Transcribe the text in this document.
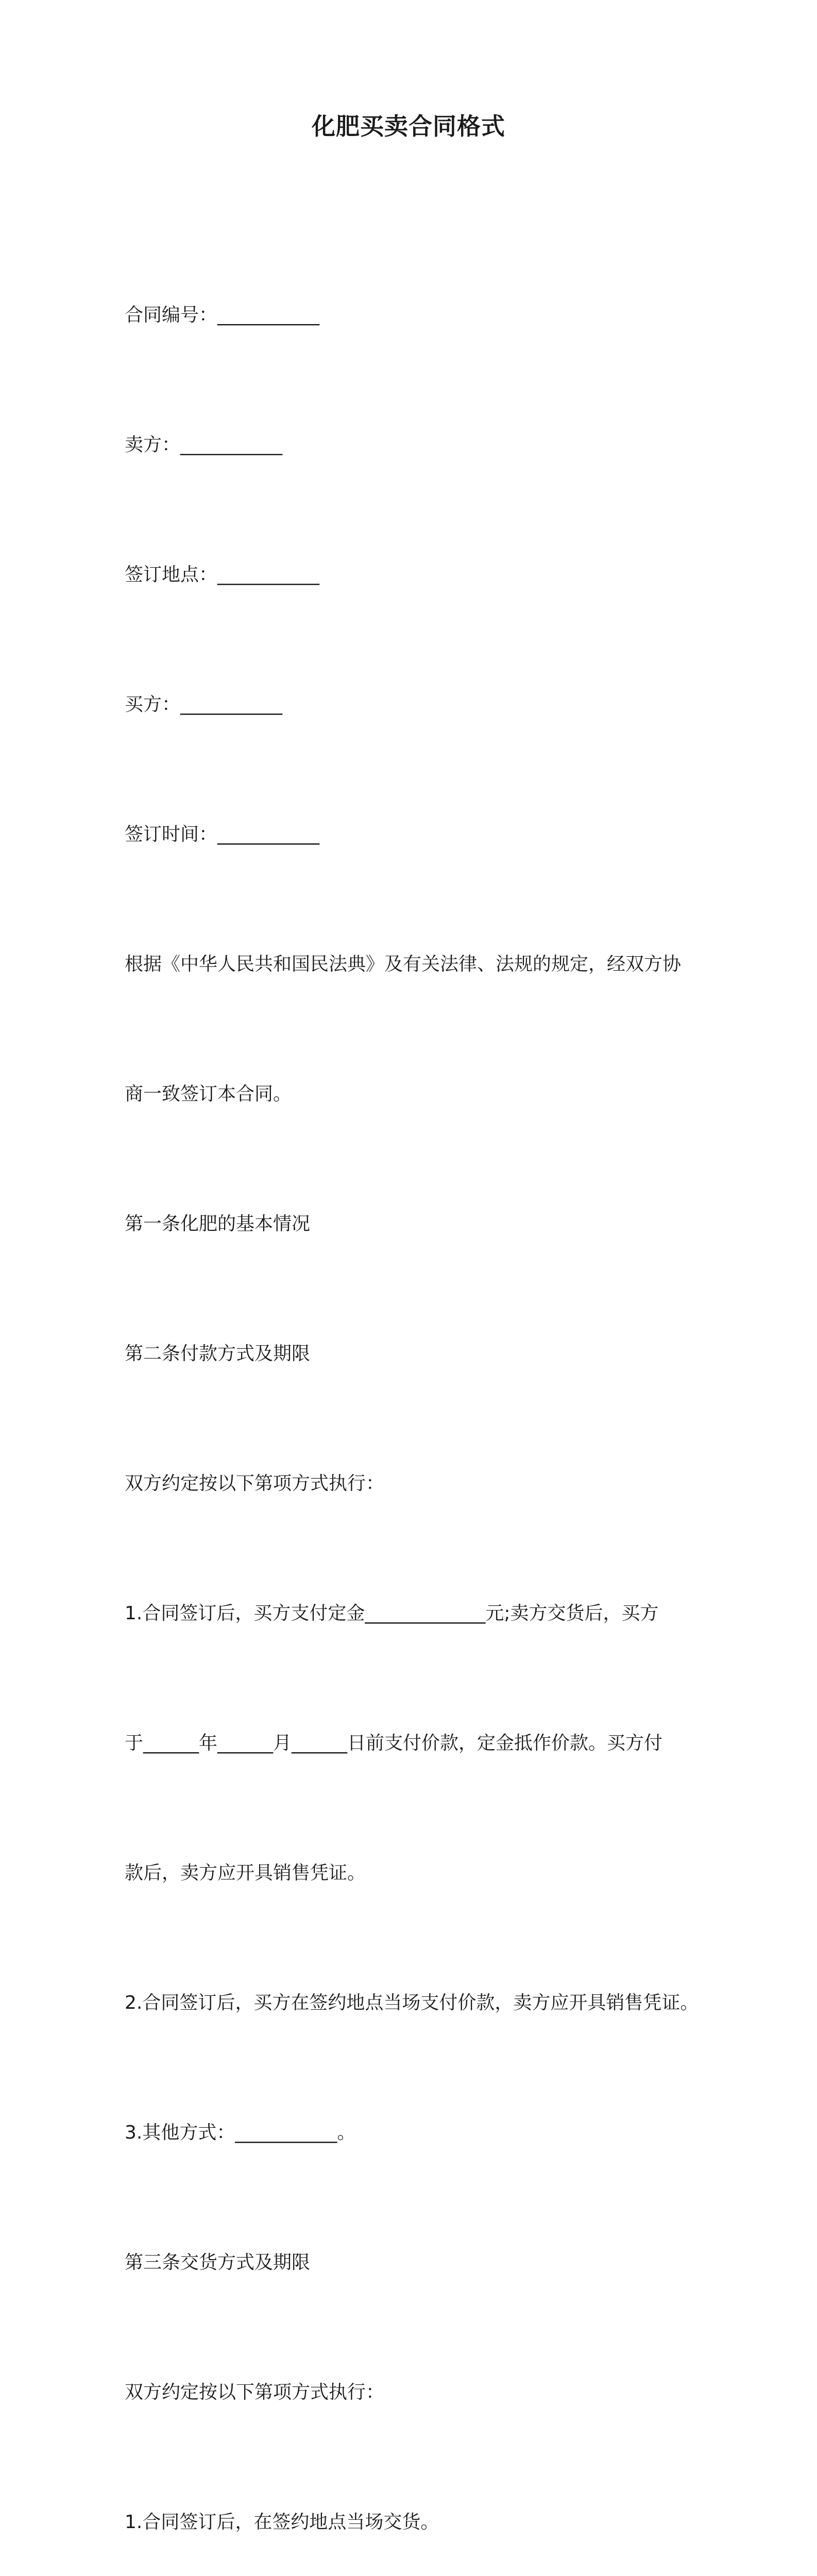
化肥买卖合同格式

合同编号：___________

卖方：___________

签订地点：___________

买方：___________

签订时间：___________

根据《中华人民共和国民法典》及有关法律、法规的规定，经双方协

商一致签订本合同。

第一条化肥的基本情况

第二条付款方式及期限

双方约定按以下第项方式执行：

1.合同签订后，买方支付定金_____________元;卖方交货后，买方

于______年______月______日前支付价款，定金抵作价款。买方付

款后，卖方应开具销售凭证。

2.合同签订后，买方在签约地点当场支付价款，卖方应开具销售凭证。

3.其他方式：___________。

第三条交货方式及期限

双方约定按以下第项方式执行：

1.合同签订后，在签约地点当场交货。
